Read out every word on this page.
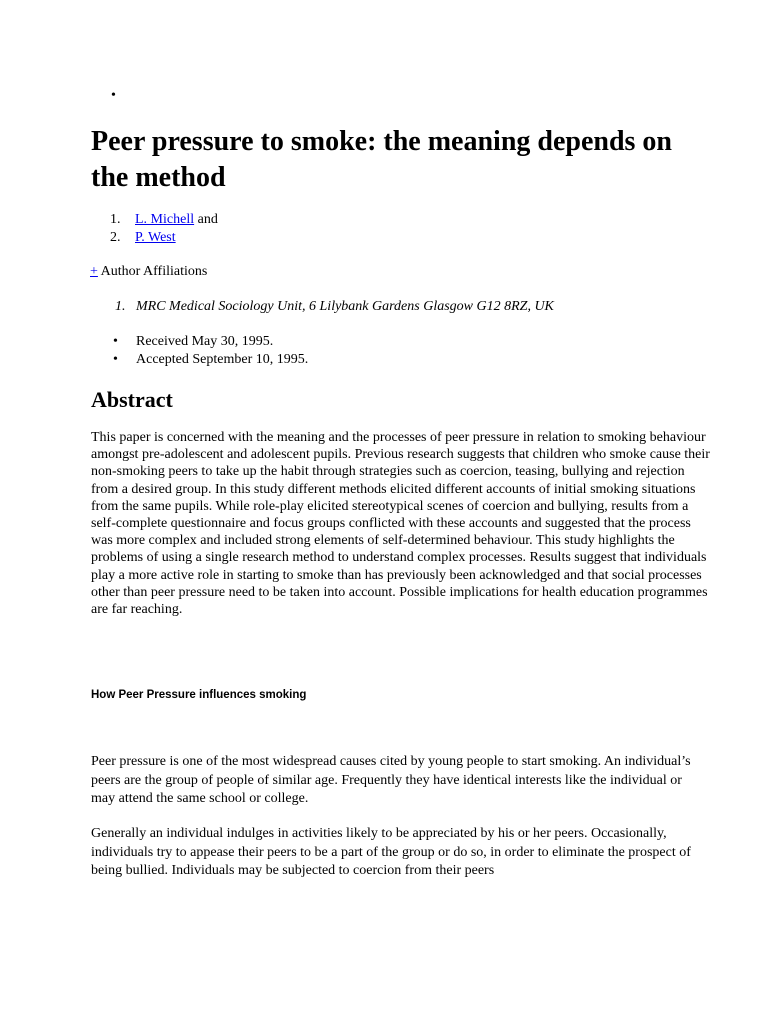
•
Peer pressure to smoke: the meaning depends on the method
1.	L. Michell and
2.	P. West
+ Author Affiliations
1. MRC Medical Sociology Unit, 6 Lilybank Gardens Glasgow G12 8RZ, UK
•	Received May 30, 1995.
•	Accepted September 10, 1995.
Abstract

This paper is concerned with the meaning and the processes of peer pressure in relation to smoking behaviour amongst pre-adolescent and adolescent pupils. Previous research suggests that children who smoke cause their non-smoking peers to take up the habit through strategies such as coercion, teasing, bullying and rejection from a desired group. In this study different methods elicited different accounts of initial smoking situations from the same pupils. While role-play elicited stereotypical scenes of coercion and bullying, results from a self-complete questionnaire and focus groups conflicted with these accounts and suggested that the process was more complex and included strong elements of self-determined behaviour. This study highlights the problems of using a single research method to understand complex processes. Results suggest that individuals play a more active role in starting to smoke than has previously been acknowledged and that social processes other than peer pressure need to be taken into account. Possible implications for health education programmes are far reaching.

How Peer Pressure influences smoking

Peer pressure is one of the most widespread causes cited by young people to start smoking. An individual’s peers are the group of people of similar age. Frequently they have identical interests like the individual or may attend the same school or college.

Generally an individual indulges in activities likely to be appreciated by his or her peers. Occasionally, individuals try to appease their peers to be a part of the group or do so, in order to eliminate the prospect of being bullied. Individuals may be subjected to coercion from their peers
